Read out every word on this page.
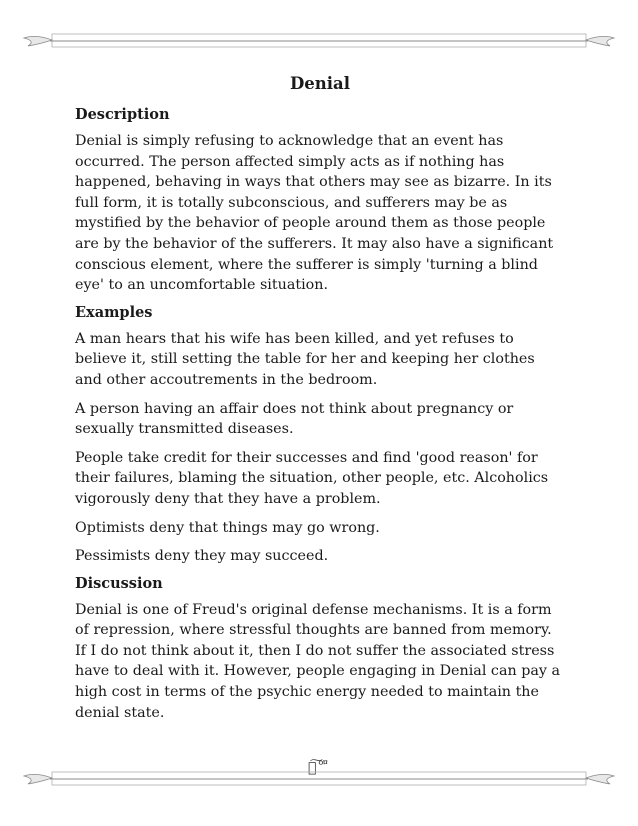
Denial
Description

Denial is simply refusing to acknowledge that an event has occurred. The person affected simply acts as if nothing has happened, behaving in ways that others may see as bizarre. In its full form, it is totally subconscious, and sufferers may be as mystified by the behavior of people around them as those people are by the behavior of the sufferers. It may also have a significant conscious element, where the sufferer is simply 'turning a blind eye' to an uncomfortable situation.

Examples

A man hears that his wife has been killed, and yet refuses to believe it, still setting the table for her and keeping her clothes and other accoutrements in the bedroom.

A person having an affair does not think about pregnancy or sexually transmitted diseases.

People take credit for their successes and find 'good reason' for their failures, blaming the situation, other people, etc. Alcoholics vigorously deny that they have a problem.

Optimists deny that things may go wrong.

Pessimists deny they may succeed.

Discussion

Denial is one of Freud's original defense mechanisms. It is a form of repression, where stressful thoughts are banned from memory. If I do not think about it, then I do not suffer the associated stress have to deal with it. However, people engaging in Denial can pay a high cost in terms of the psychic energy needed to maintain the denial state.

ᅃ͠ᅃ
